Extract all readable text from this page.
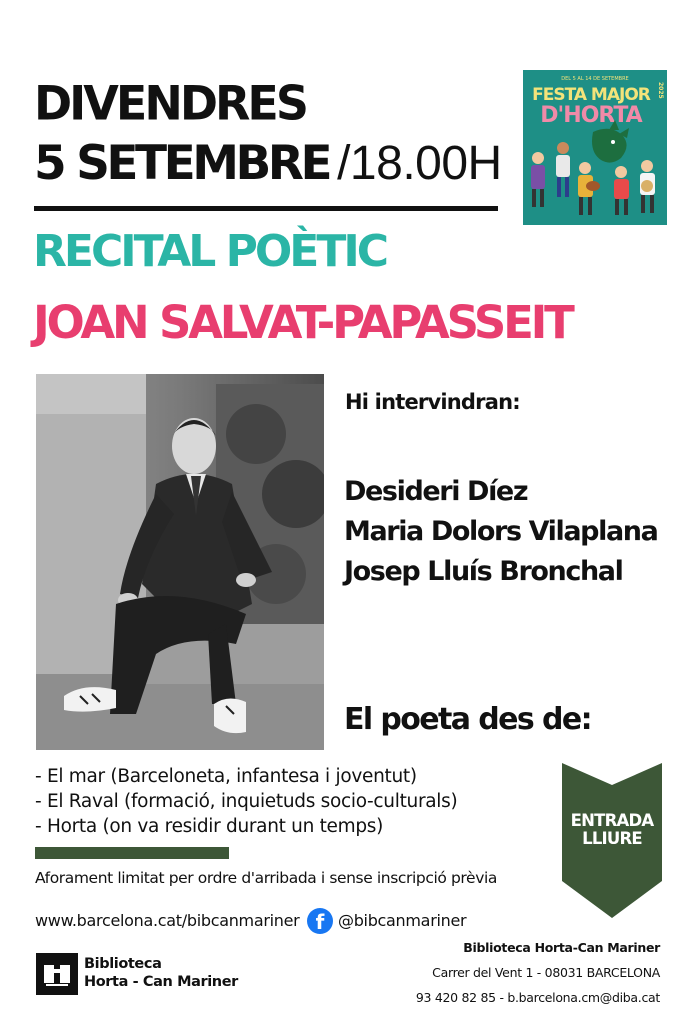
DIVENDRES
5 SETEMBRE /18.00H
DEL 5 AL 14 DE SETEMBRE
2025
FESTA MAJOR
D'HORTA
RECITAL POÈTIC
JOAN SALVAT-PAPASSEIT
Hi intervindran:
Desideri Díez
Maria Dolors Vilaplana
Josep Lluís Bronchal
El poeta des de:
- El mar (Barceloneta, infantesa i joventut)
- El Raval (formació, inquietuds socio-culturals)
- Horta (on va residir durant un temps)
Aforament limitat per ordre d'arribada i sense inscripció prèvia
ENTRADA
LLIURE
www.barcelona.cat/bibcanmariner f @bibcanmariner
Biblioteca
Horta - Can Mariner
Biblioteca Horta-Can Mariner
Carrer del Vent 1 - 08031 BARCELONA
93 420 82 85 - b.barcelona.cm@diba.cat
